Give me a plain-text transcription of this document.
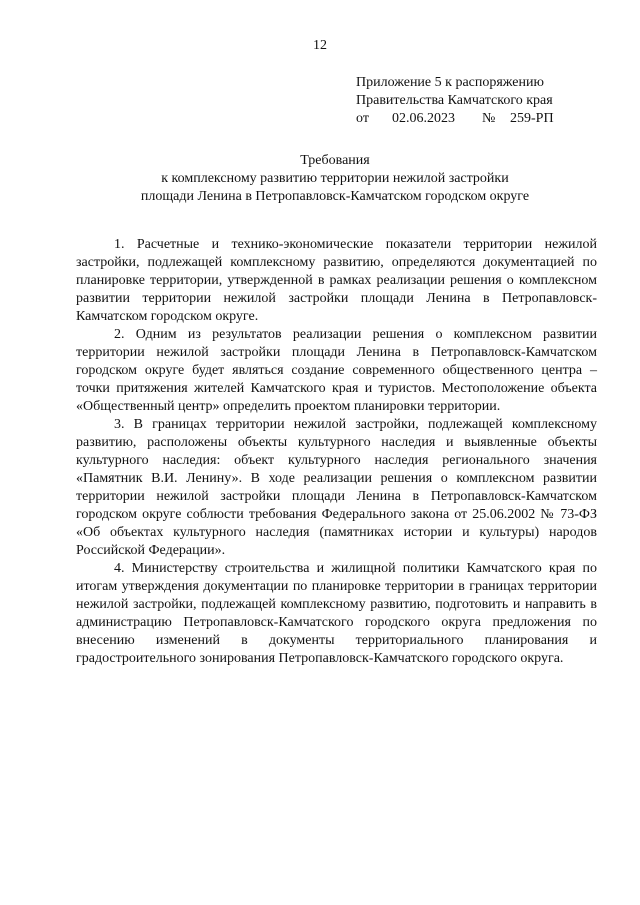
12
Приложение 5 к распоряжению
Правительства Камчатского края
от 02.06.2023 № 259-РП
Требования
к комплексному развитию территории нежилой застройки
площади Ленина в Петропавловск-Камчатском городском округе

1. Расчетные и технико-экономические показатели территории нежилой застройки, подлежащей комплексному развитию, определяются документацией по планировке территории, утвержденной в рамках реализации решения о комплексном развитии территории нежилой застройки площади Ленина в Петропавловск-Камчатском городском округе.

2. Одним из результатов реализации решения о комплексном развитии территории нежилой застройки площади Ленина в Петропавловск-Камчатском городском округе будет являться создание современного общественного центра – точки притяжения жителей Камчатского края и туристов. Местоположение объекта «Общественный центр» определить проектом планировки территории.

3. В границах территории нежилой застройки, подлежащей комплексному развитию, расположены объекты культурного наследия и выявленные объекты культурного наследия: объект культурного наследия регионального значения «Памятник В.И. Ленину». В ходе реализации решения о комплексном развитии территории нежилой застройки площади Ленина в Петропавловск-Камчатском городском округе соблюсти требования Федерального закона от 25.06.2002 № 73-ФЗ «Об объектах культурного наследия (памятниках истории и культуры) народов Российской Федерации».

4. Министерству строительства и жилищной политики Камчатского края по итогам утверждения документации по планировке территории в границах территории нежилой застройки, подлежащей комплексному развитию, подготовить и направить в администрацию Петропавловск-Камчатского городского округа предложения по внесению изменений в документы территориального планирования и градостроительного зонирования Петропавловск-Камчатского городского округа.
